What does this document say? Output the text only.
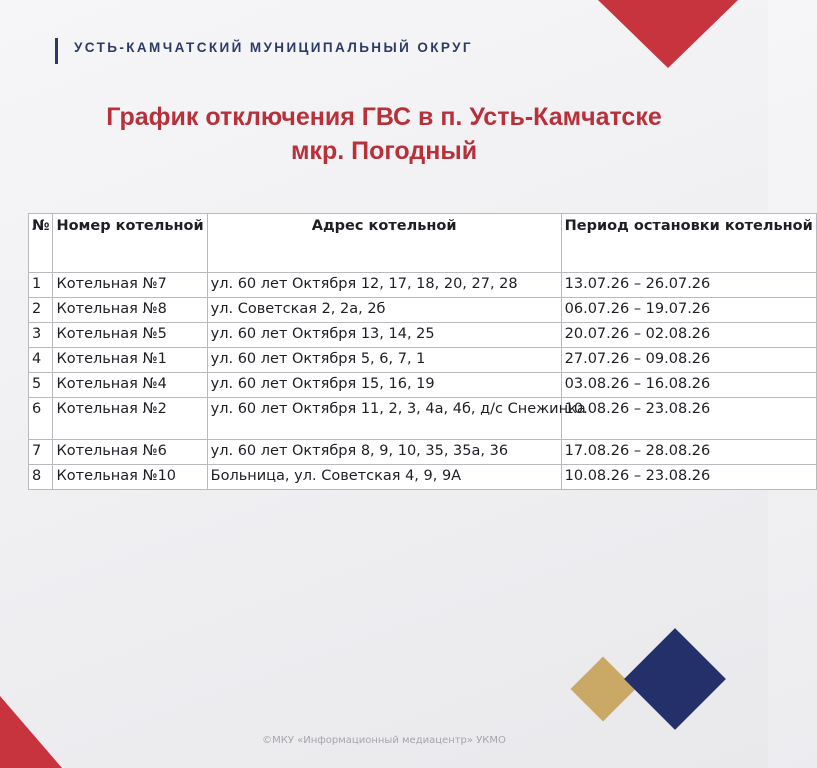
УСТЬ-КАМЧАТСКИЙ МУНИЦИПАЛЬНЫЙ ОКРУГ
График отключения ГВС в п. Усть-Камчатске
мкр. Погодный
№	Номер котельной	Адрес котельной	Период остановки котельной
1	Котельная №7	ул. 60 лет Октября 12, 17, 18, 20, 27, 28	13.07.26 – 26.07.26
2	Котельная №8	ул. Советская 2, 2а, 2б	06.07.26 – 19.07.26
3	Котельная №5	ул. 60 лет Октября 13, 14, 25	20.07.26 – 02.08.26
4	Котельная №1	ул. 60 лет Октября 5, 6, 7, 1	27.07.26 – 09.08.26
5	Котельная №4	ул. 60 лет Октября 15, 16, 19	03.08.26 – 16.08.26
6	Котельная №2	ул. 60 лет Октября 11, 2, 3, 4а, 4б, д/с Снежинка	10.08.26 – 23.08.26
7	Котельная №6	ул. 60 лет Октября 8, 9, 10, 35, 35а, 36	17.08.26 – 28.08.26
8	Котельная №10	Больница, ул. Советская 4, 9, 9А	10.08.26 – 23.08.26
©МКУ «Информационный медиацентр» УКМО
